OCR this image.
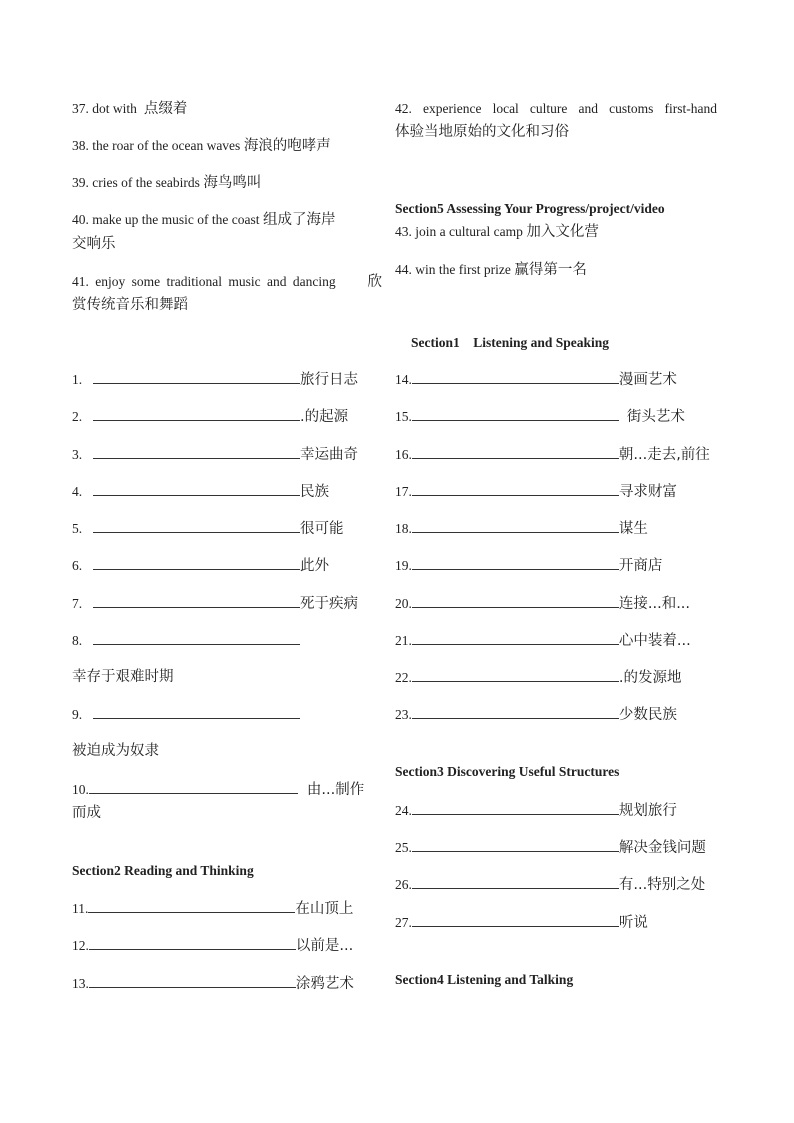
37. dot with 点缀着
38. the roar of the ocean waves 海浪的咆哮声
39. cries of the seabirds 海鸟鸣叫
40. make up the music of the coast 组成了海岸
交响乐
41. enjoy some traditional music and dancing 欣
赏传统音乐和舞蹈
42. experience local culture and customs first-hand
体验当地原始的文化和习俗
Section5 Assessing Your Progress/project/video
43. join a cultural camp 加入文化营
44. win the first prize 赢得第一名
Section1    Listening and Speaking
1.	旅行日志
2.	.的起源
3.	幸运曲奇
4.	民族
5.	很可能
6.	此外
7.	死于疾病
8.
幸存于艰难时期
9.
被迫成为奴隶
10.	由...制作
而成
Section2 Reading and Thinking
11.	在山顶上
12.	以前是...
13.	涂鸦艺术
14.	漫画艺术
15.	街头艺术
16.	朝...走去,前往
17.	寻求财富
18.	谋生
19.	开商店
20.	连接...和...
21.	心中装着...
22.	.的发源地
23.	少数民族
Section3 Discovering Useful Structures
24.	规划旅行
25.	解决金钱问题
26.	有...特别之处
27.	听说
Section4 Listening and Talking
